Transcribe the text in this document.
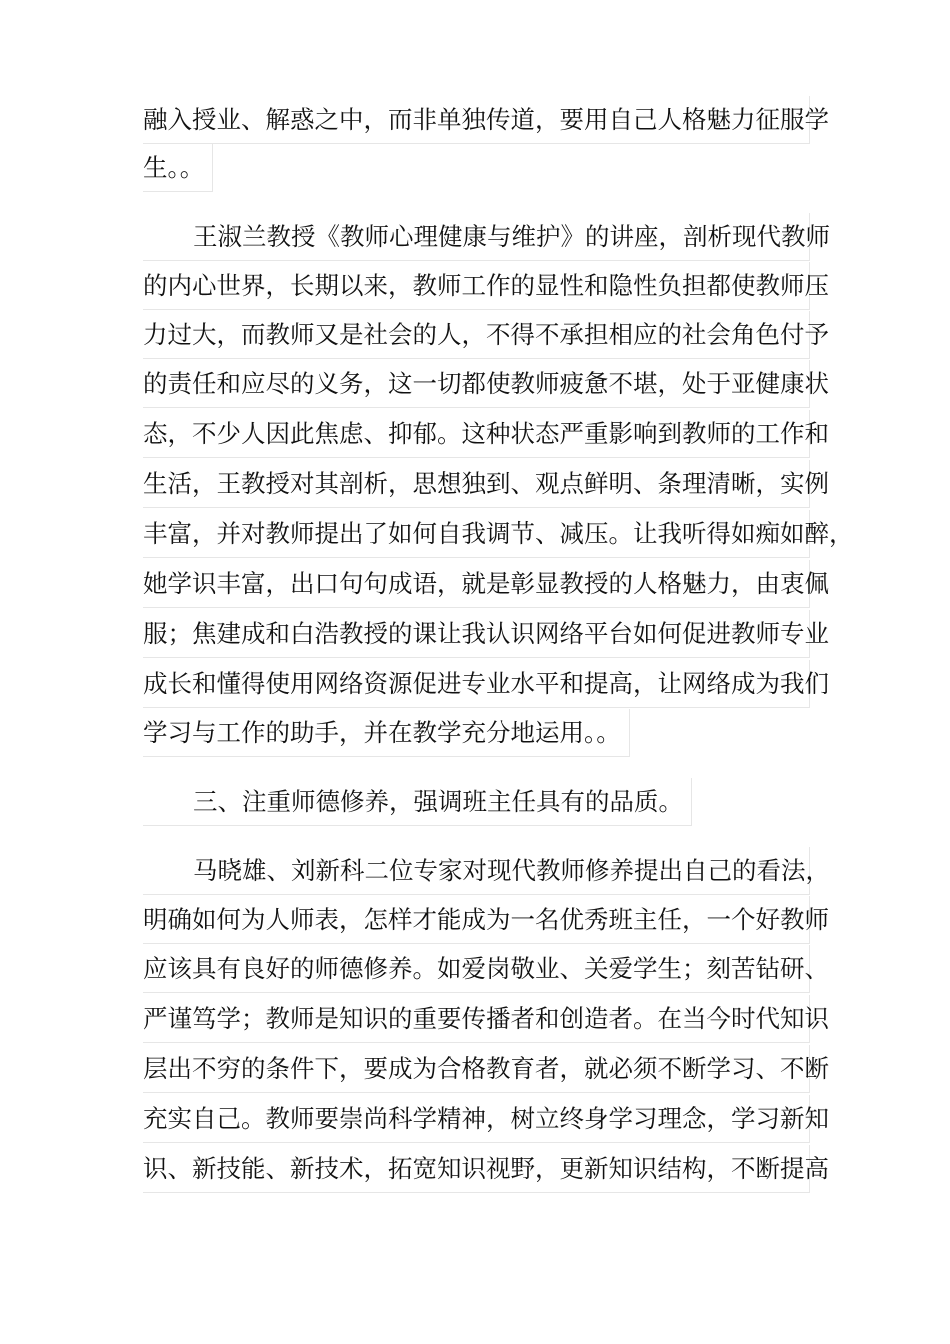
融入授业、解惑之中，而非单独传道，要用自己人格魅力征服学
生。。
王淑兰教授《教师心理健康与维护》的讲座，剖析现代教师
的内心世界，长期以来，教师工作的显性和隐性负担都使教师压
力过大，而教师又是社会的人，不得不承担相应的社会角色付予
的责任和应尽的义务，这一切都使教师疲惫不堪，处于亚健康状
态，不少人因此焦虑、抑郁。这种状态严重影响到教师的工作和
生活，王教授对其剖析，思想独到、观点鲜明、条理清晰，实例
丰富，并对教师提出了如何自我调节、减压。让我听得如痴如醉，
她学识丰富，出口句句成语，就是彰显教授的人格魅力，由衷佩
服；焦建成和白浩教授的课让我认识网络平台如何促进教师专业
成长和懂得使用网络资源促进专业水平和提高，让网络成为我们
学习与工作的助手，并在教学充分地运用。。
三、注重师德修养，强调班主任具有的品质。
马晓雄、刘新科二位专家对现代教师修养提出自己的看法，
明确如何为人师表，怎样才能成为一名优秀班主任，一个好教师
应该具有良好的师德修养。如爱岗敬业、关爱学生；刻苦钻研、
严谨笃学；教师是知识的重要传播者和创造者。在当今时代知识
层出不穷的条件下，要成为合格教育者，就必须不断学习、不断
充实自己。教师要崇尚科学精神，树立终身学习理念，学习新知
识、新技能、新技术，拓宽知识视野，更新知识结构，不断提高
